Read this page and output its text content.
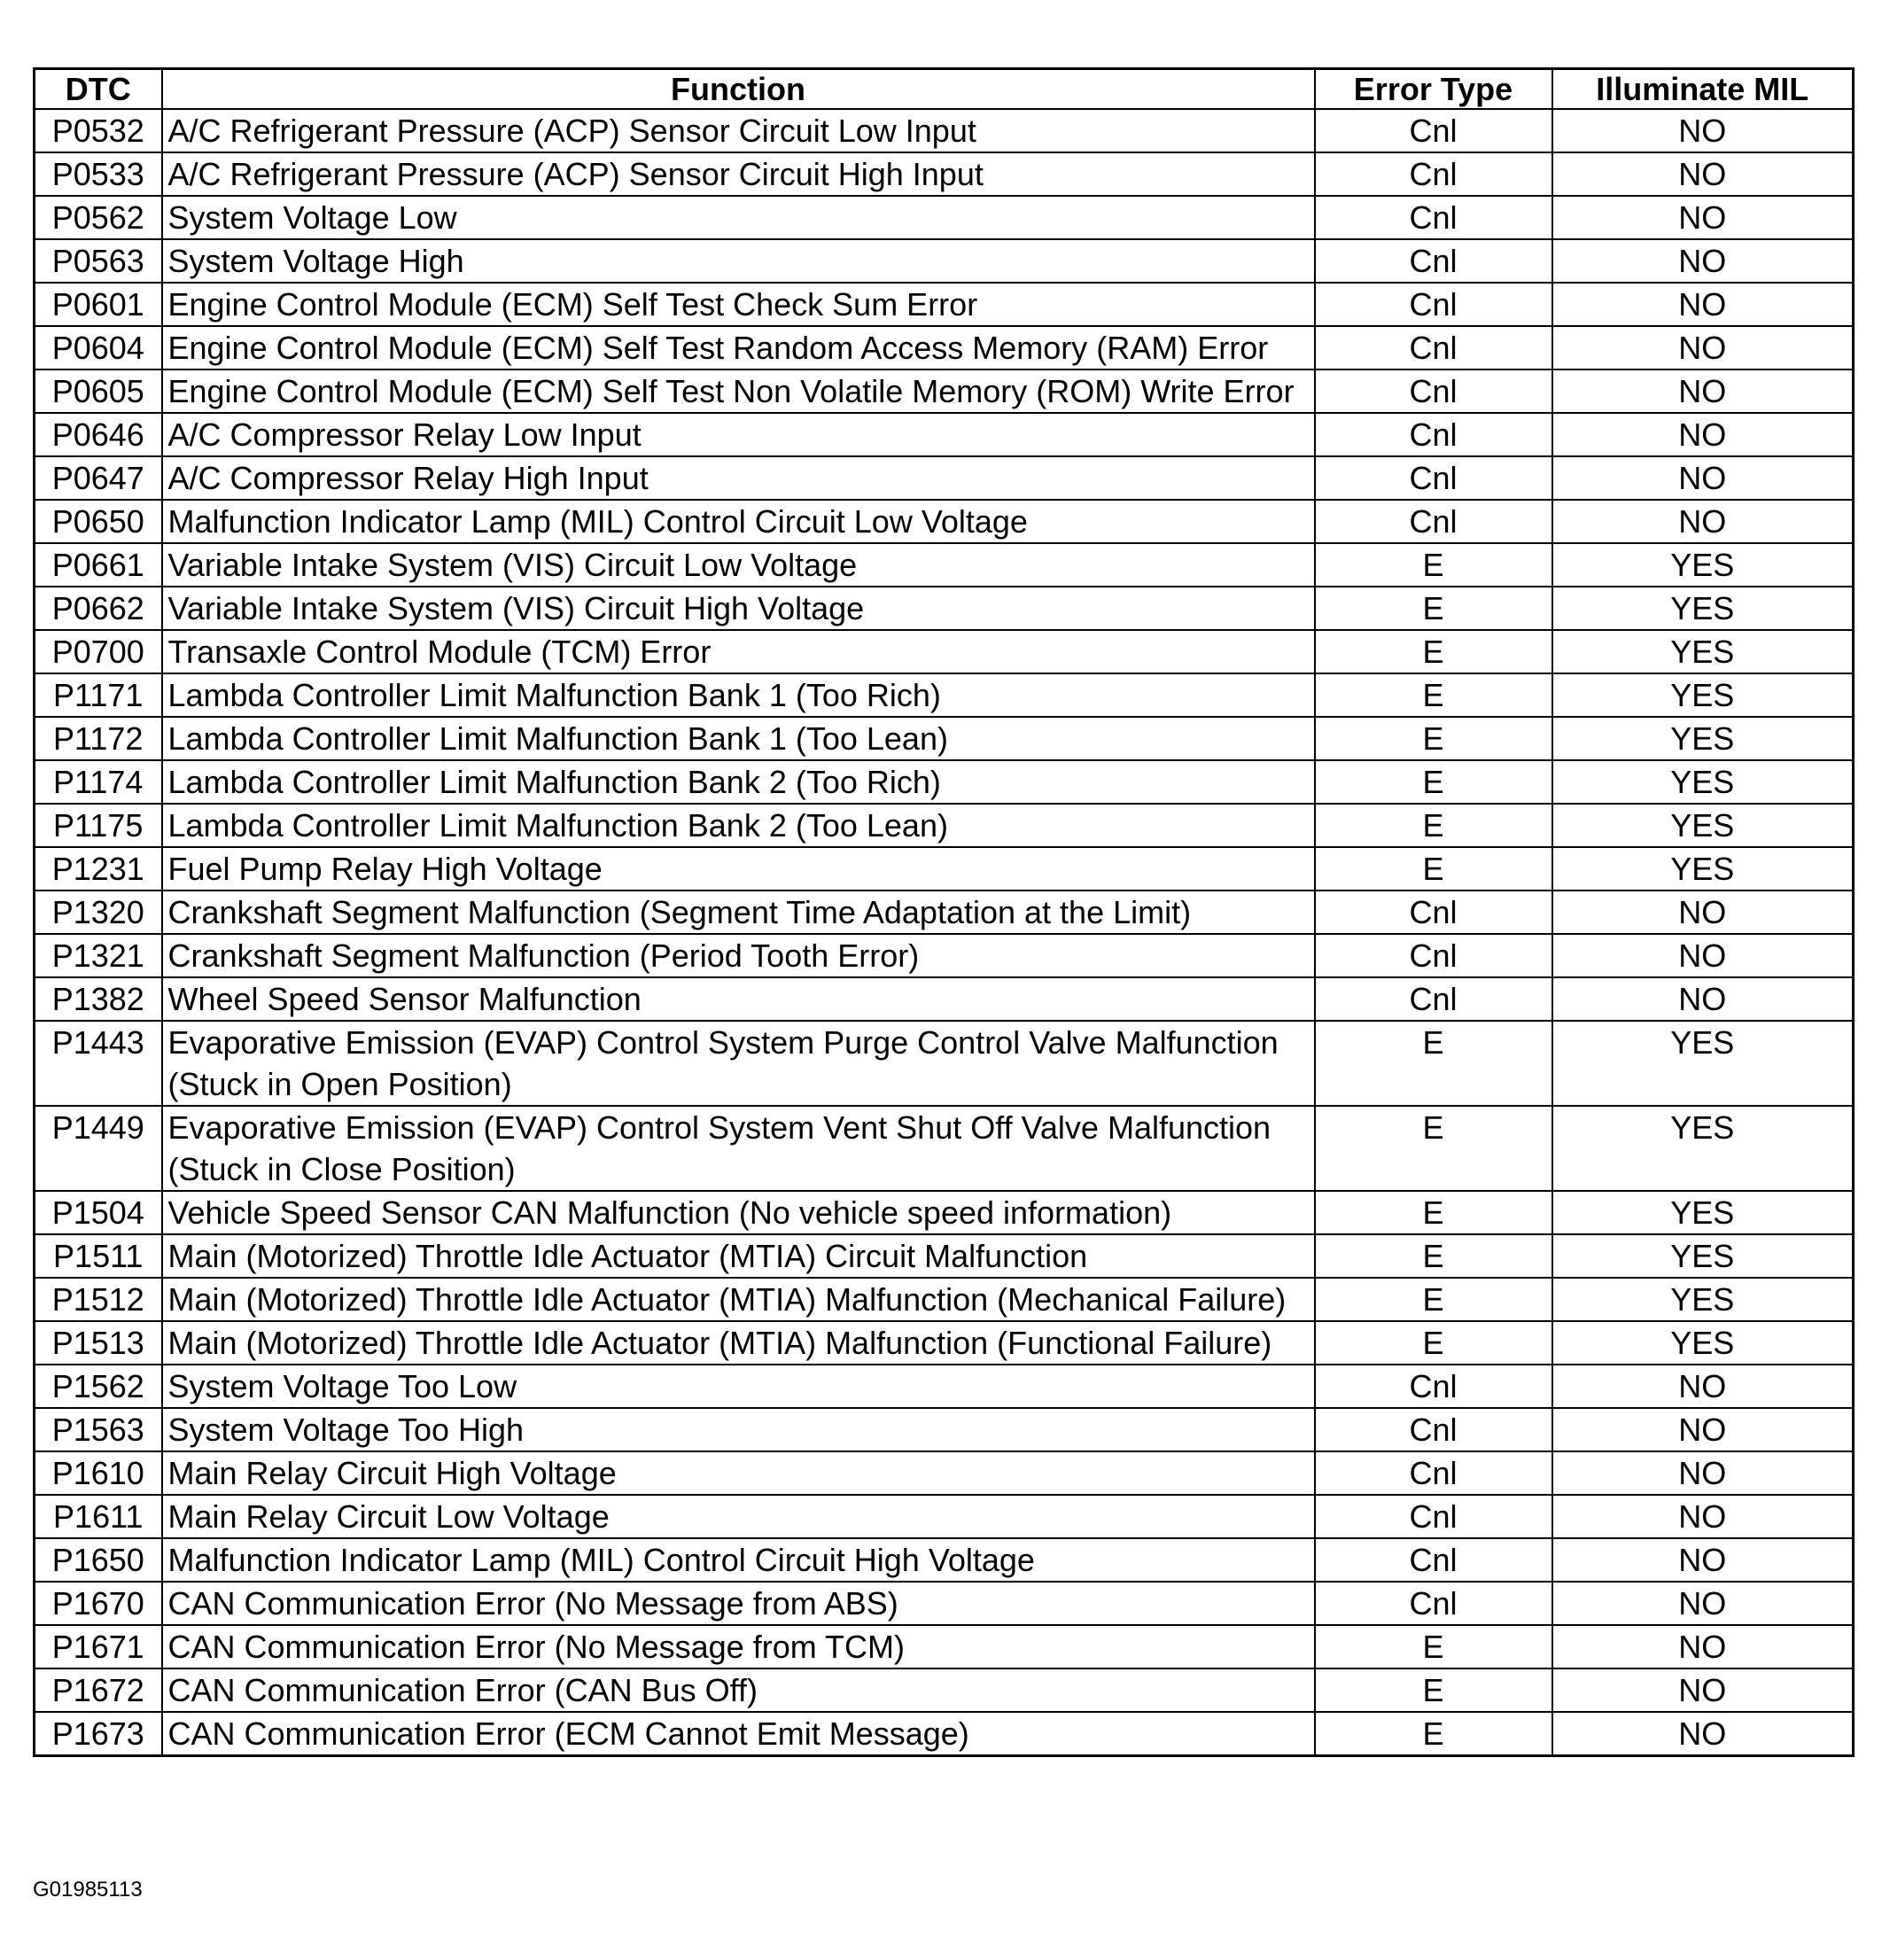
DTC	Function	Error Type	Illuminate MIL
P0532	A/C Refrigerant Pressure (ACP) Sensor Circuit Low Input	Cnl	NO
P0533	A/C Refrigerant Pressure (ACP) Sensor Circuit High Input	Cnl	NO
P0562	System Voltage Low	Cnl	NO
P0563	System Voltage High	Cnl	NO
P0601	Engine Control Module (ECM) Self Test Check Sum Error	Cnl	NO
P0604	Engine Control Module (ECM) Self Test Random Access Memory (RAM) Error	Cnl	NO
P0605	Engine Control Module (ECM) Self Test Non Volatile Memory (ROM) Write Error	Cnl	NO
P0646	A/C Compressor Relay Low Input	Cnl	NO
P0647	A/C Compressor Relay High Input	Cnl	NO
P0650	Malfunction Indicator Lamp (MIL) Control Circuit Low Voltage	Cnl	NO
P0661	Variable Intake System (VIS) Circuit Low Voltage	E	YES
P0662	Variable Intake System (VIS) Circuit High Voltage	E	YES
P0700	Transaxle Control Module (TCM) Error	E	YES
P1171	Lambda Controller Limit Malfunction Bank 1 (Too Rich)	E	YES
P1172	Lambda Controller Limit Malfunction Bank 1 (Too Lean)	E	YES
P1174	Lambda Controller Limit Malfunction Bank 2 (Too Rich)	E	YES
P1175	Lambda Controller Limit Malfunction Bank 2 (Too Lean)	E	YES
P1231	Fuel Pump Relay High Voltage	E	YES
P1320	Crankshaft Segment Malfunction (Segment Time Adaptation at the Limit)	Cnl	NO
P1321	Crankshaft Segment Malfunction (Period Tooth Error)	Cnl	NO
P1382	Wheel Speed Sensor Malfunction	Cnl	NO
P1443	Evaporative Emission (EVAP) Control System Purge Control Valve Malfunction (Stuck in Open Position)	E	YES
P1449	Evaporative Emission (EVAP) Control System Vent Shut Off Valve Malfunction (Stuck in Close Position)	E	YES
P1504	Vehicle Speed Sensor CAN Malfunction (No vehicle speed information)	E	YES
P1511	Main (Motorized) Throttle Idle Actuator (MTIA) Circuit Malfunction	E	YES
P1512	Main (Motorized) Throttle Idle Actuator (MTIA) Malfunction (Mechanical Failure)	E	YES
P1513	Main (Motorized) Throttle Idle Actuator (MTIA) Malfunction (Functional Failure)	E	YES
P1562	System Voltage Too Low	Cnl	NO
P1563	System Voltage Too High	Cnl	NO
P1610	Main Relay Circuit High Voltage	Cnl	NO
P1611	Main Relay Circuit Low Voltage	Cnl	NO
P1650	Malfunction Indicator Lamp (MIL) Control Circuit High Voltage	Cnl	NO
P1670	CAN Communication Error (No Message from ABS)	Cnl	NO
P1671	CAN Communication Error (No Message from TCM)	E	NO
P1672	CAN Communication Error (CAN Bus Off)	E	NO
P1673	CAN Communication Error (ECM Cannot Emit Message)	E	NO
G01985113
